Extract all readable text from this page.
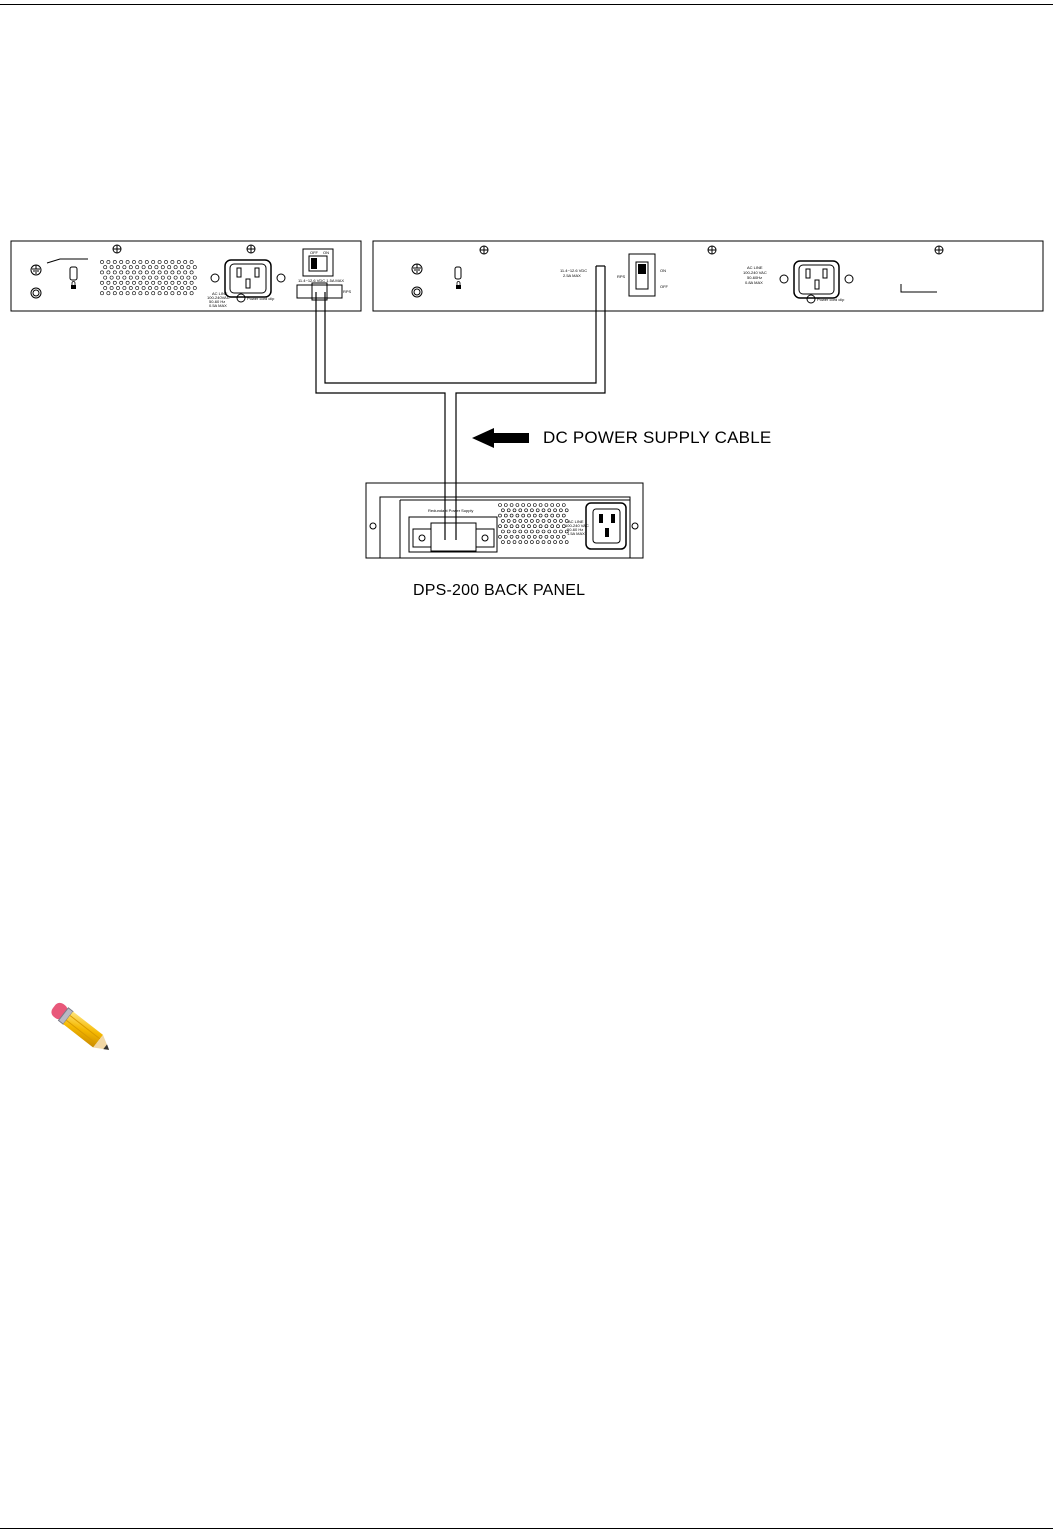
AC LINE
100-240VAC
50-60 Hz
0.5A MAX
Power cord clip
OFF ON
11.4~12.6 VDC 1.5A MAX
RPS
11.4~12.6 VDC
2.5A MAX	RPS
ON
OFF
AC LINE
100-240 VAC
50-60Hz
0.8A MAX
Power cord clip
Redundant Power Supply
AC LINE
100-240 VAC
50-60 Hz
1.5A MAX
DC POWER SUPPLY CABLE
DPS-200 BACK PANEL
